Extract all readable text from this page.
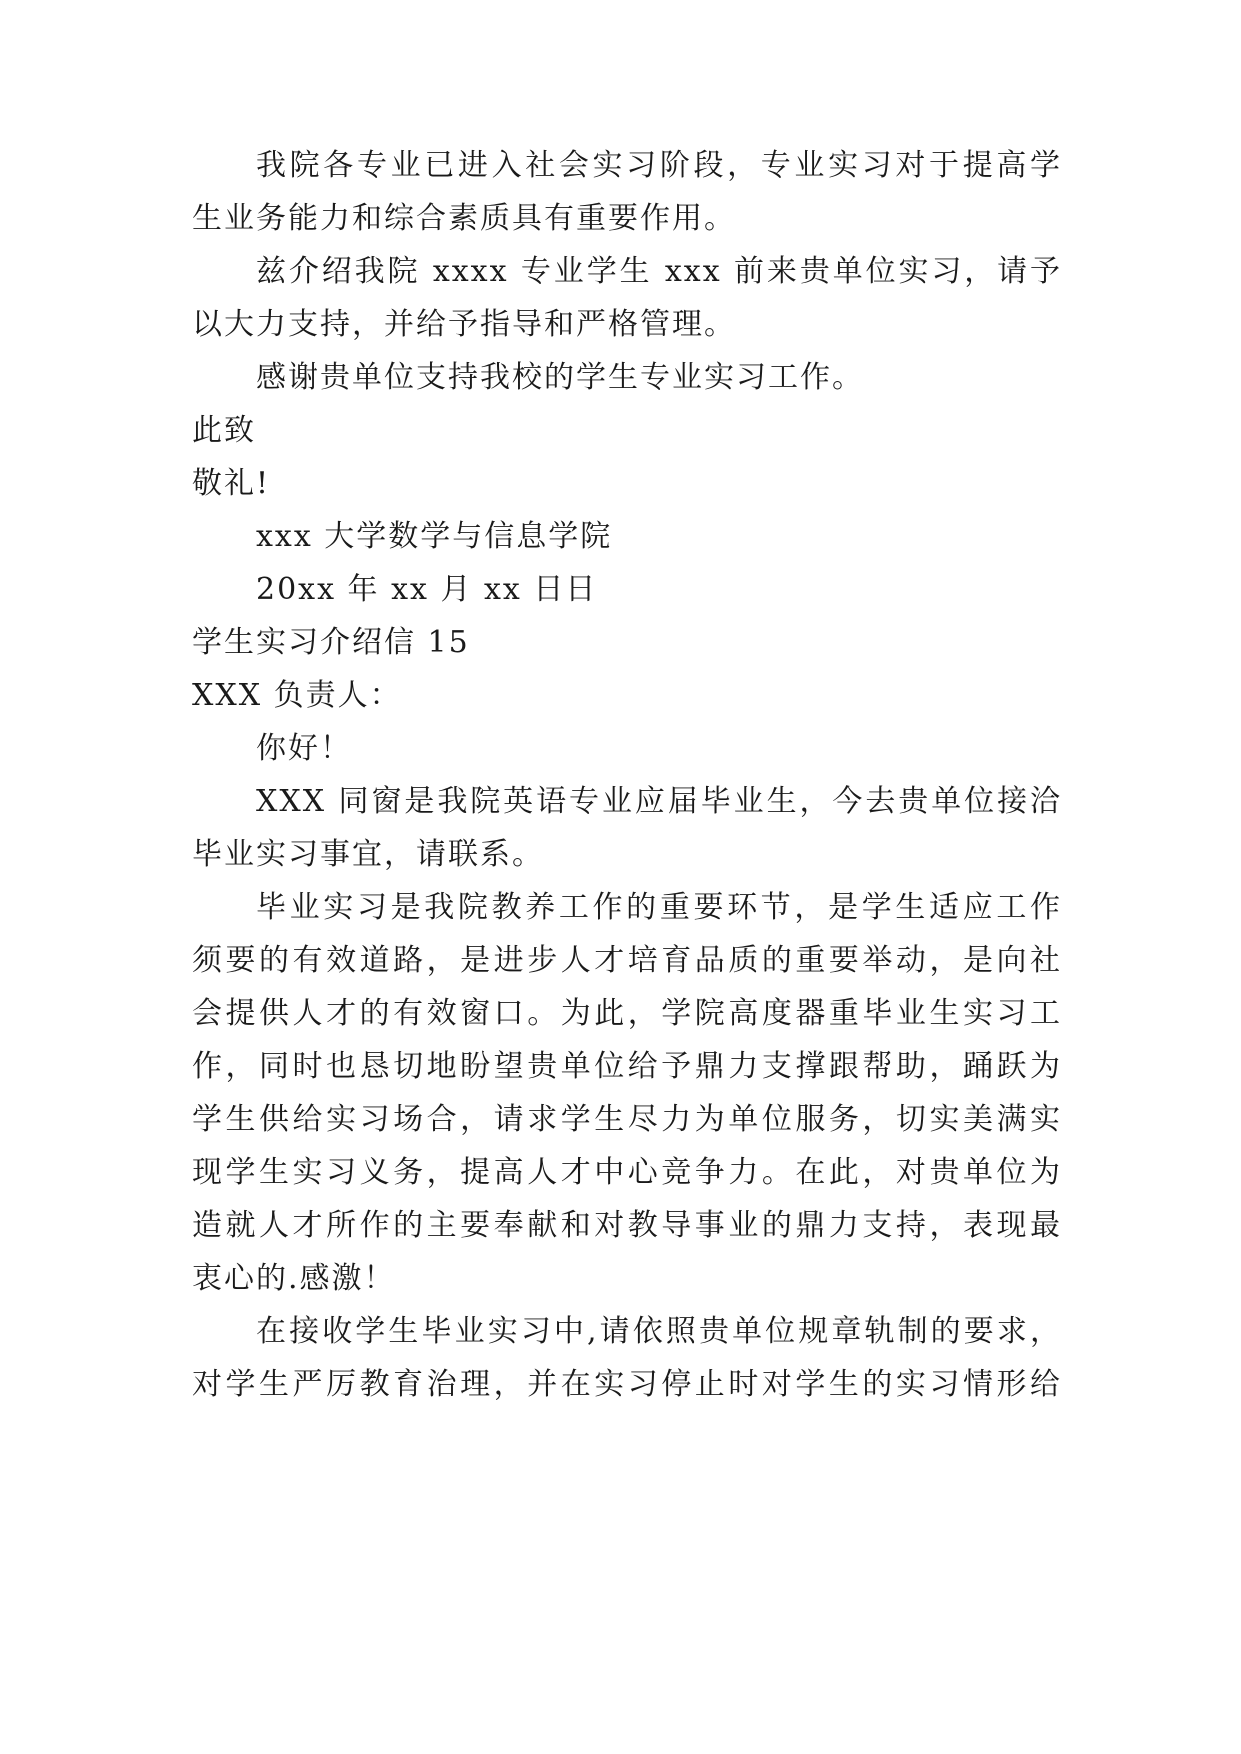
我院各专业已进入社会实习阶段，专业实习对于提高学
生业务能力和综合素质具有重要作用。
兹介绍我院 xxxx 专业学生 xxx 前来贵单位实习，请予
以大力支持，并给予指导和严格管理。
感谢贵单位支持我校的学生专业实习工作。
此致
敬礼!
xxx 大学数学与信息学院
20xx 年 xx 月 xx 日日
学生实习介绍信 15
XXX 负责人：
你好！
XXX 同窗是我院英语专业应届毕业生，今去贵单位接洽
毕业实习事宜，请联系。
毕业实习是我院教养工作的重要环节，是学生适应工作
须要的有效道路，是进步人才培育品质的重要举动，是向社
会提供人才的有效窗口。为此，学院高度器重毕业生实习工
作，同时也恳切地盼望贵单位给予鼎力支撑跟帮助，踊跃为
学生供给实习场合，请求学生尽力为单位服务，切实美满实
现学生实习义务，提高人才中心竞争力。在此，对贵单位为
造就人才所作的主要奉献和对教导事业的鼎力支持，表现最
衷心的.感激！
在接收学生毕业实习中,请依照贵单位规章轨制的要求，
对学生严厉教育治理，并在实习停止时对学生的实习情形给
